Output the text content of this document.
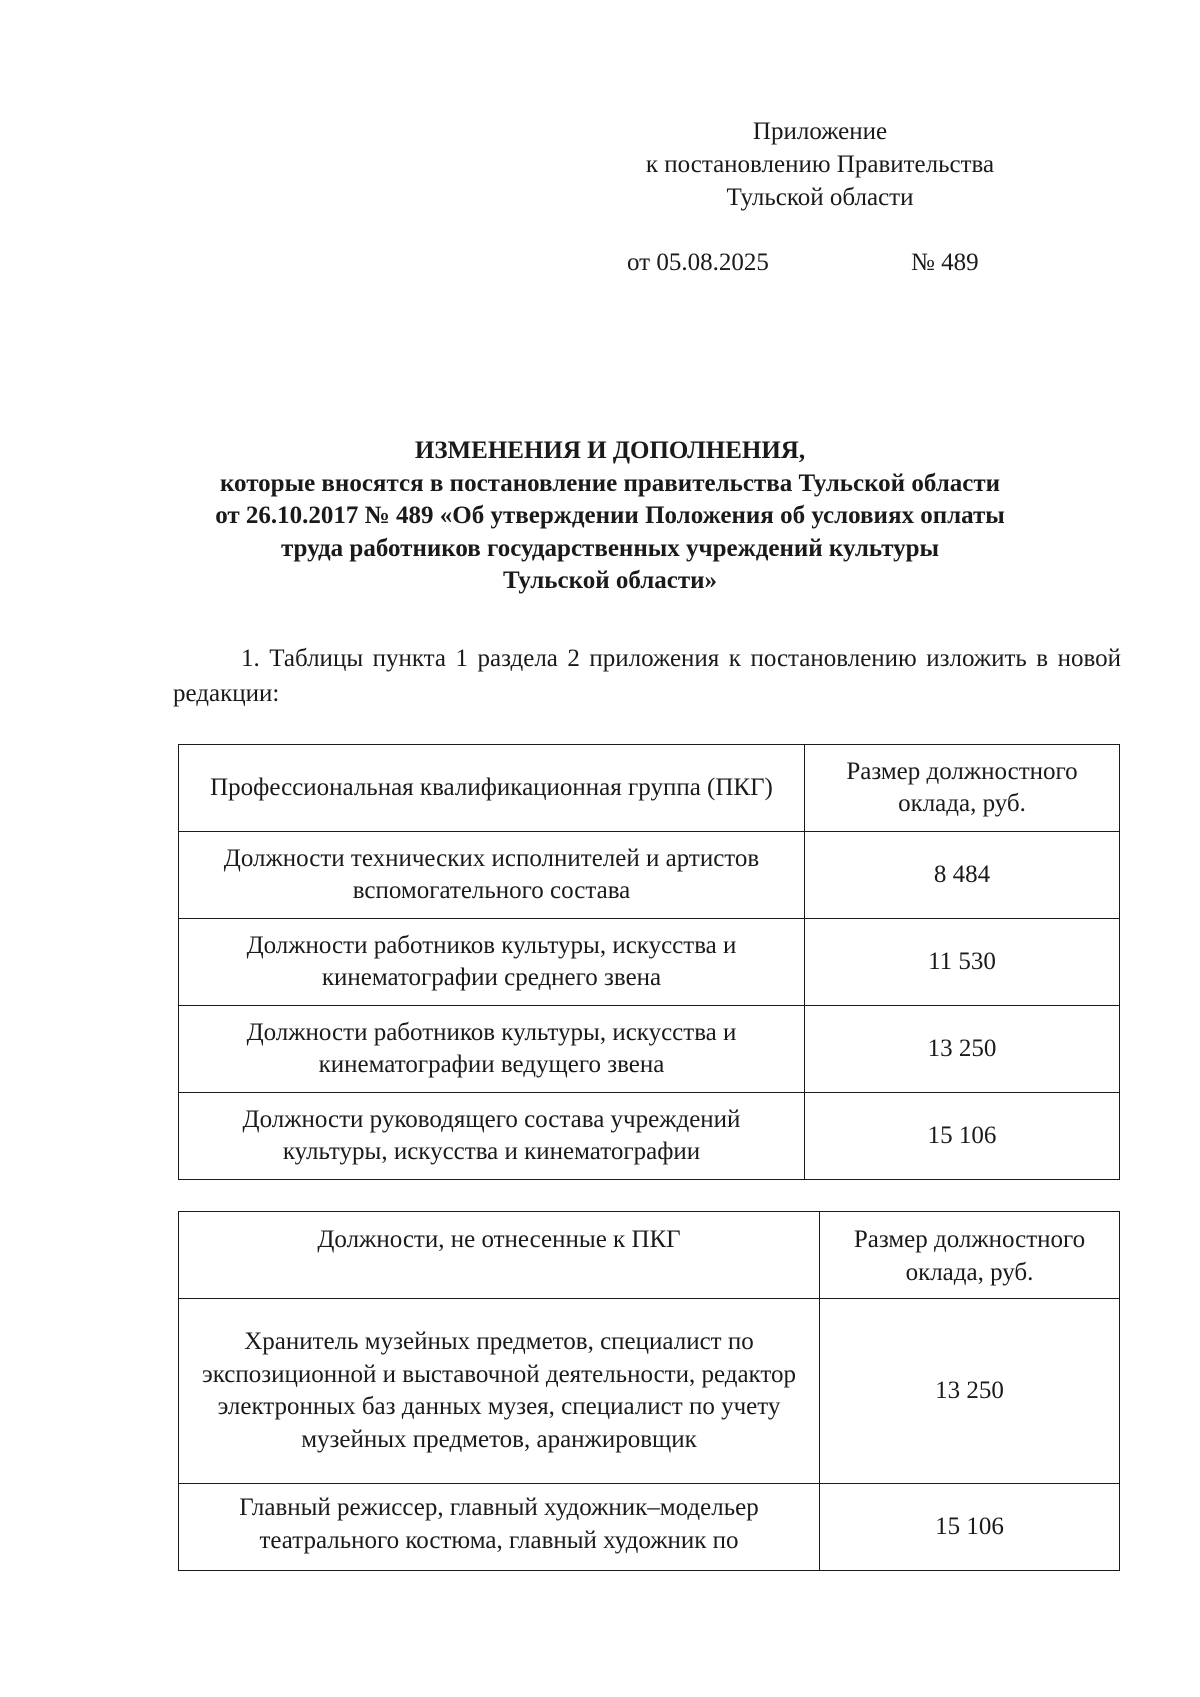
Приложение
к постановлению Правительства
Тульской области
от 05.08.2025	№ 489
ИЗМЕНЕНИЯ И ДОПОЛНЕНИЯ,
которые вносятся в постановление правительства Тульской области
от 26.10.2017 № 489 «Об утверждении Положения об условиях оплаты
труда работников государственных учреждений культуры
Тульской области»
1. Таблицы пункта 1 раздела 2 приложения к постановлению изложить в новой редакции:
Профессиональная квалификационная группа (ПКГ)	Размер должностного оклада, руб.
Должности технических исполнителей и артистов вспомогательного состава	8 484
Должности работников культуры, искусства и кинематографии среднего звена	11 530
Должности работников культуры, искусства и кинематографии ведущего звена	13 250
Должности руководящего состава учреждений культуры, искусства и кинематографии	15 106
Должности, не отнесенные к ПКГ	Размер должностного оклада, руб.
Хранитель музейных предметов, специалист по экспозиционной и выставочной деятельности, редактор электронных баз данных музея, специалист по учету музейных предметов, аранжировщик	13 250
Главный режиссер, главный художник–модельер театрального костюма, главный художник по	15 106
